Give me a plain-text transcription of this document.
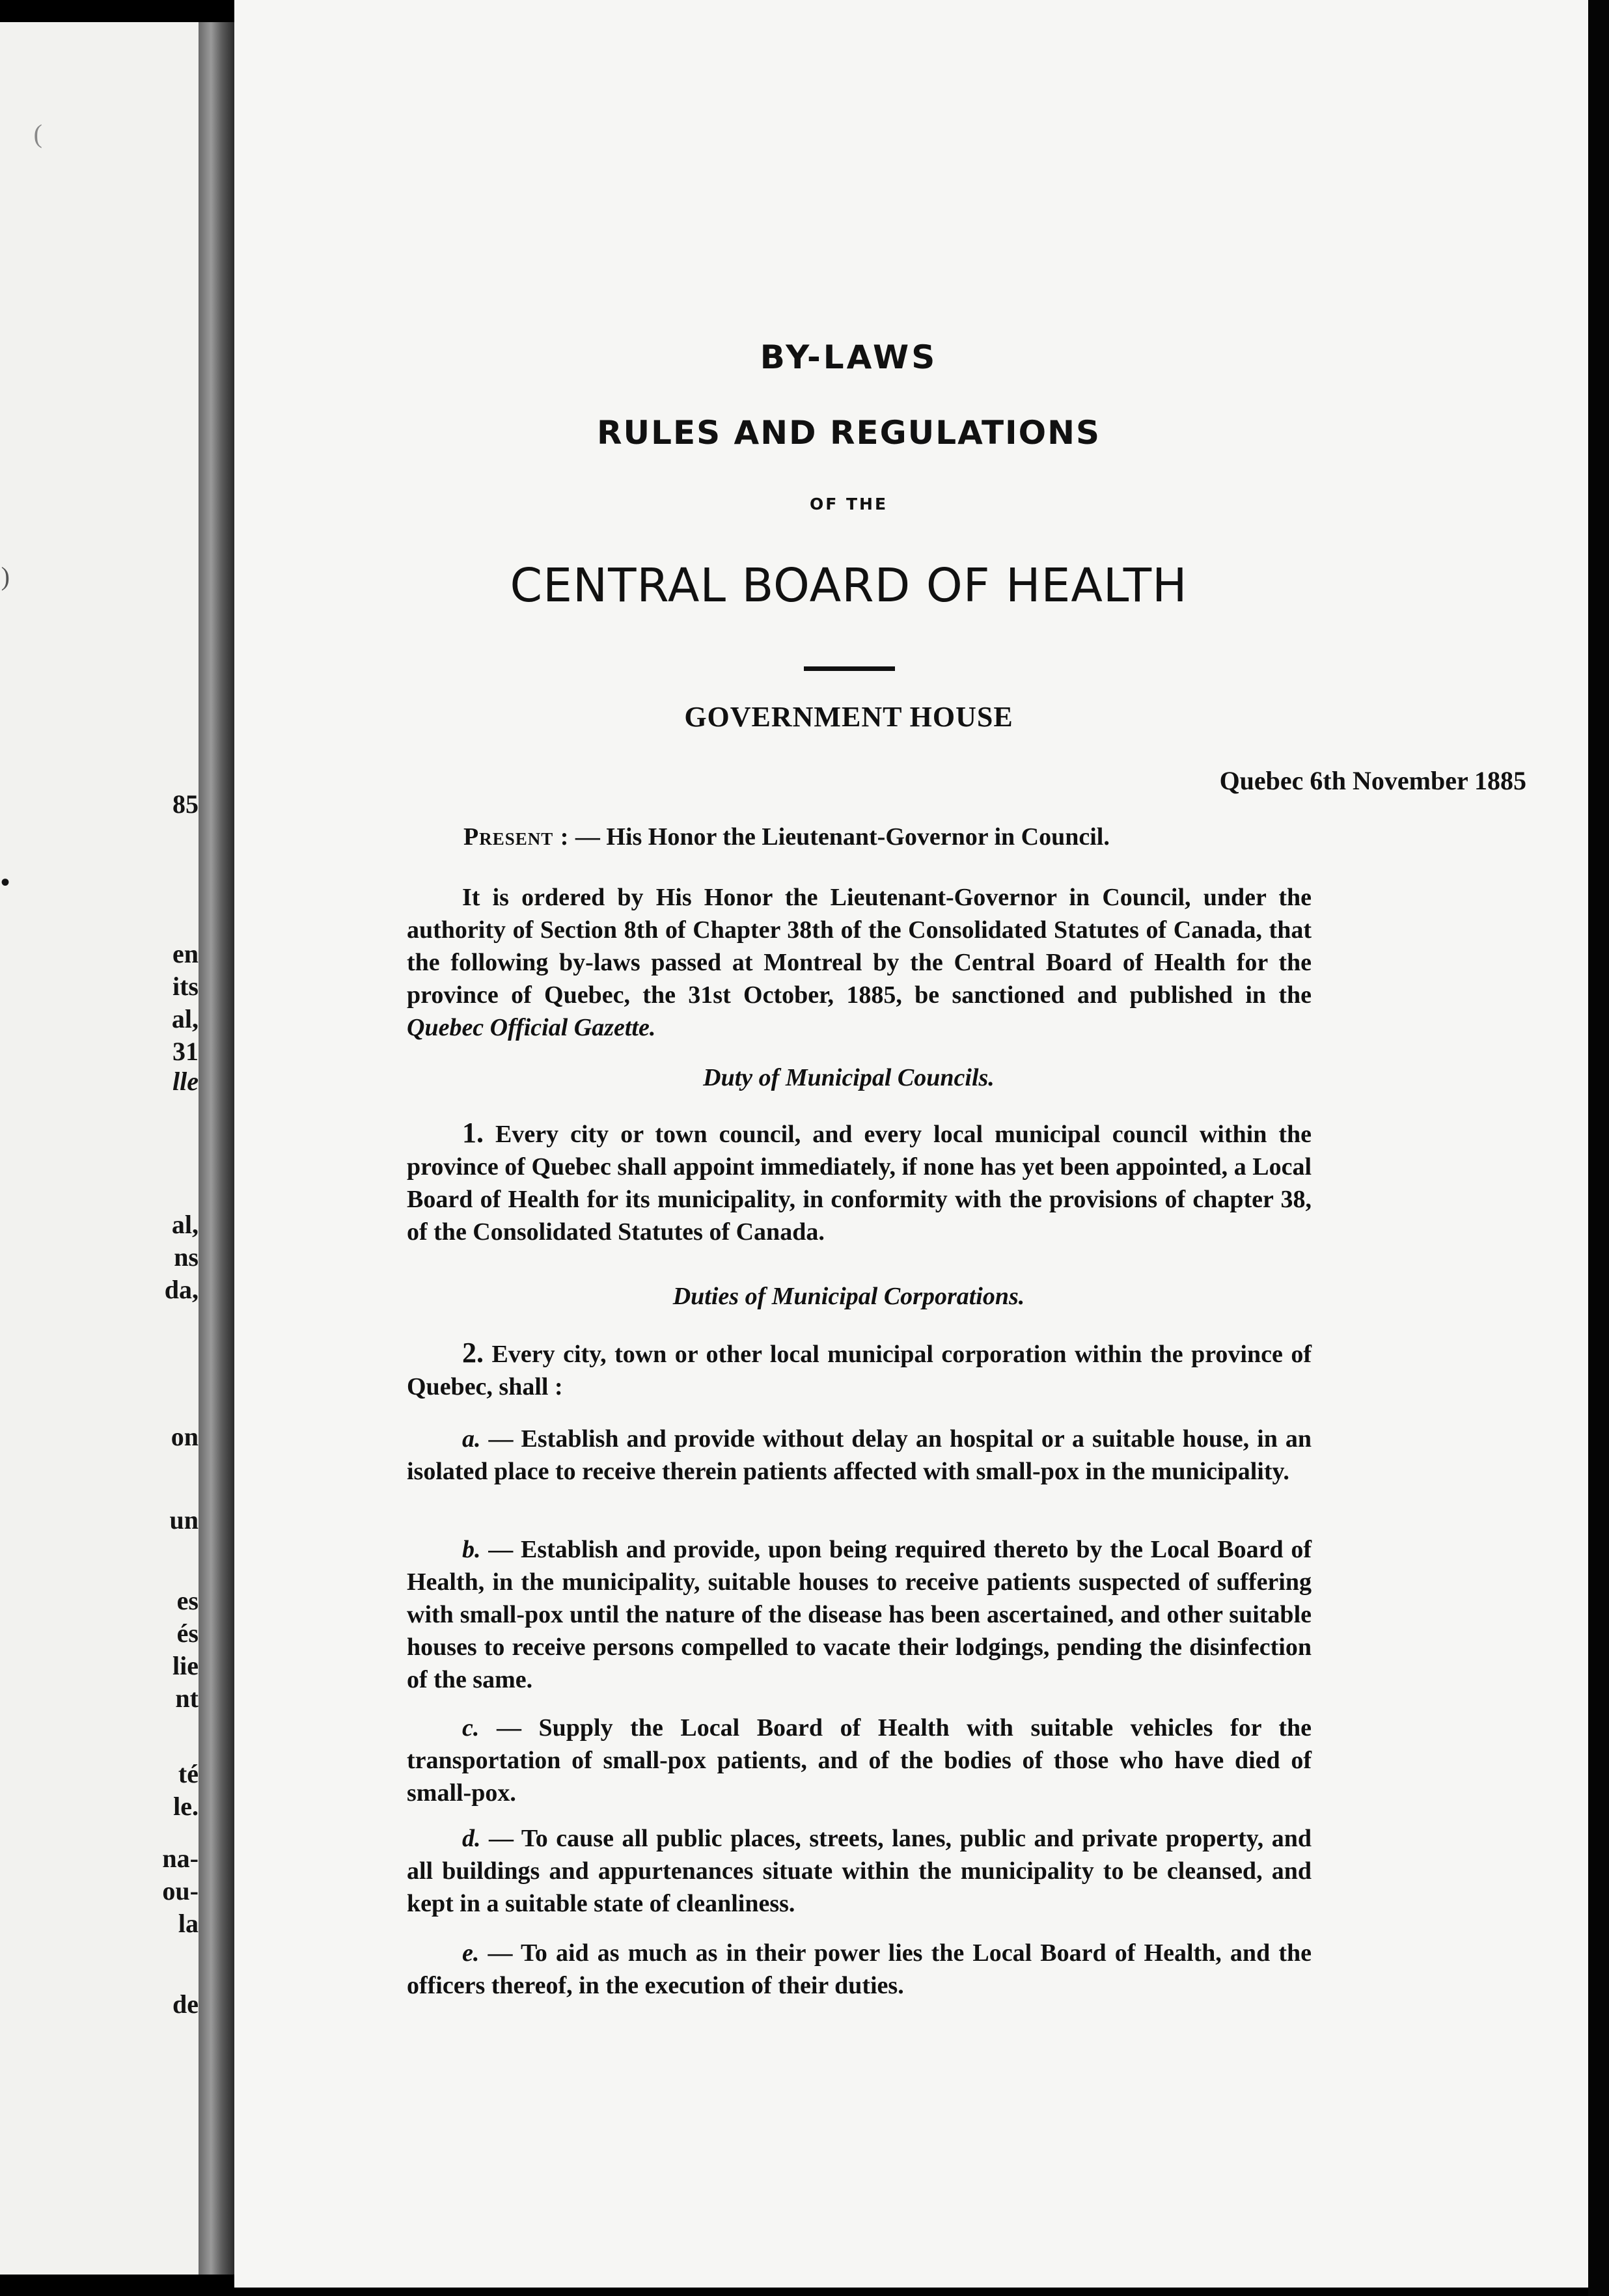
(

)

85

•

en

its

al,

31

lle

al,

ns

da,

on

un

es

és

lie

nt

té

le.

na-

ou-

la

de

BY-LAWS

RULES AND REGULATIONS

OF THE

CENTRAL BOARD OF HEALTH

GOVERNMENT HOUSE

Quebec 6th November 1885

Present : — His Honor the Lieutenant-Governor in Council.

It is ordered by His Honor the Lieutenant-Governor in Council, under the authority of Section 8th of Chapter 38th of the Consolidated Statutes of Canada, that the following by-laws passed at Montreal by the Central Board of Health for the province of Quebec, the 31st October, 1885, be sanctioned and published in the Quebec Official Gazette.

Duty of Municipal Councils.

1. Every city or town council, and every local municipal council within the province of Quebec shall appoint immediately, if none has yet been appointed, a Local Board of Health for its municipality, in conformity with the provisions of chapter 38, of the Consolidated Statutes of Canada.

Duties of Municipal Corporations.

2. Every city, town or other local municipal corporation within the province of Quebec, shall :

a. — Establish and provide without delay an hospital or a suitable house, in an isolated place to receive therein patients affected with small-pox in the municipality.

b. — Establish and provide, upon being required thereto by the Local Board of Health, in the municipality, suitable houses to receive patients suspected of suffering with small-pox until the nature of the disease has been ascertained, and other suitable houses to receive persons compelled to vacate their lodgings, pending the disinfection of the same.

c. — Supply the Local Board of Health with suitable vehicles for the transportation of small-pox patients, and of the bodies of those who have died of small-pox.

d. — To cause all public places, streets, lanes, public and private property, and all buildings and appurtenances situate within the municipality to be cleansed, and kept in a suitable state of cleanliness.

e. — To aid as much as in their power lies the Local Board of Health, and the officers thereof, in the execution of their duties.
